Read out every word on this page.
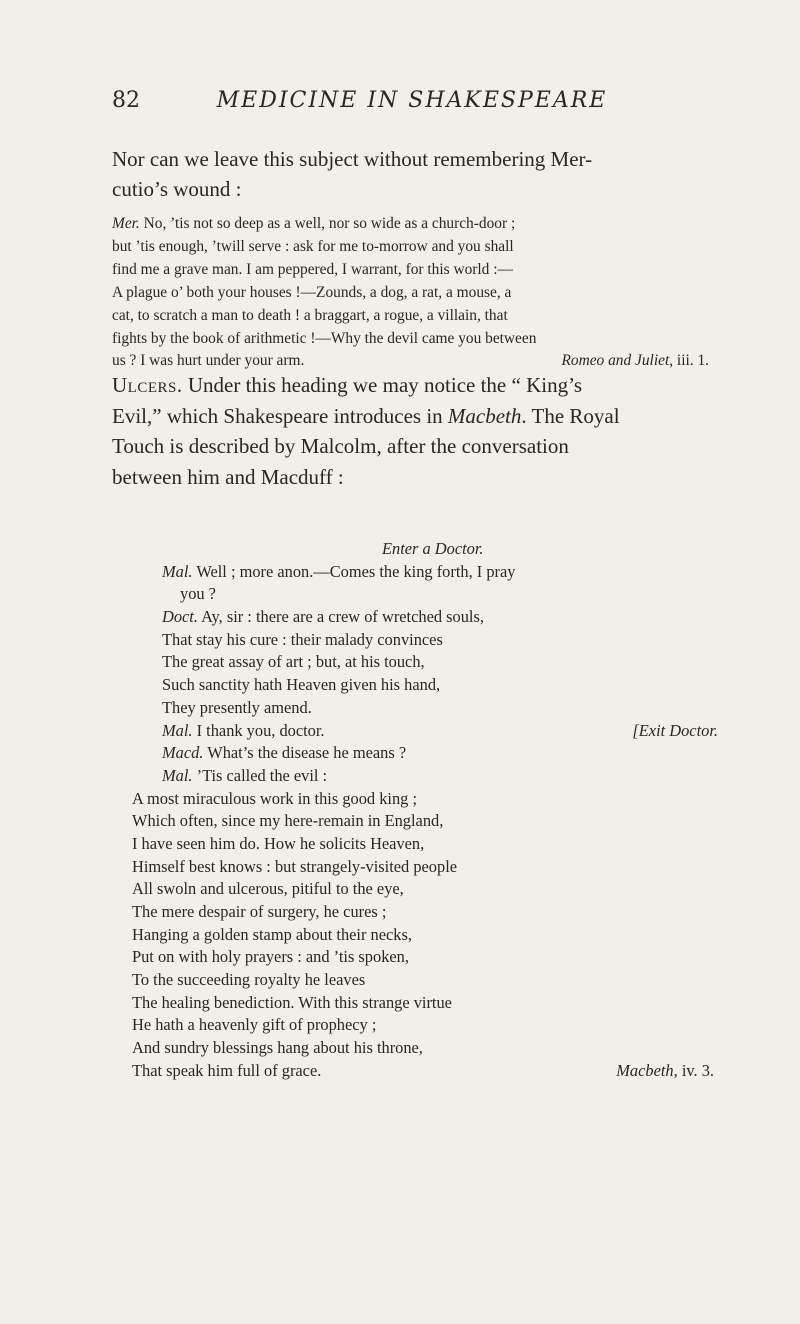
82	MEDICINE IN SHAKESPEARE

Nor can we leave this subject without remembering Mer-
cutio’s wound :

Mer. No, ’tis not so deep as a well, nor so wide as a church-door ;
but ’tis enough, ’twill serve : ask for me to-morrow and you shall
find me a grave man. I am peppered, I warrant, for this world :—
A plague o’ both your houses !—Zounds, a dog, a rat, a mouse, a
cat, to scratch a man to death ! a braggart, a rogue, a villain, that
fights by the book of arithmetic !—Why the devil came you between
us ? I was hurt under your arm.	Romeo and Juliet, iii. 1.

Ulcers. Under this heading we may notice the “ King’s
Evil,” which Shakespeare introduces in Macbeth. The Royal
Touch is described by Malcolm, after the conversation
between him and Macduff :

Enter a Doctor.
Mal. Well ; more anon.—Comes the king forth, I pray
you ?
Doct. Ay, sir : there are a crew of wretched souls,
That stay his cure : their malady convinces
The great assay of art ; but, at his touch,
Such sanctity hath Heaven given his hand,
They presently amend.
Mal. I thank you, doctor.	[Exit Doctor.
Macd. What’s the disease he means ?
Mal. ’Tis called the evil :
A most miraculous work in this good king ;
Which often, since my here-remain in England,
I have seen him do. How he solicits Heaven,
Himself best knows : but strangely-visited people
All swoln and ulcerous, pitiful to the eye,
The mere despair of surgery, he cures ;
Hanging a golden stamp about their necks,
Put on with holy prayers : and ’tis spoken,
To the succeeding royalty he leaves
The healing benediction. With this strange virtue
He hath a heavenly gift of prophecy ;
And sundry blessings hang about his throne,
That speak him full of grace.	Macbeth, iv. 3.
